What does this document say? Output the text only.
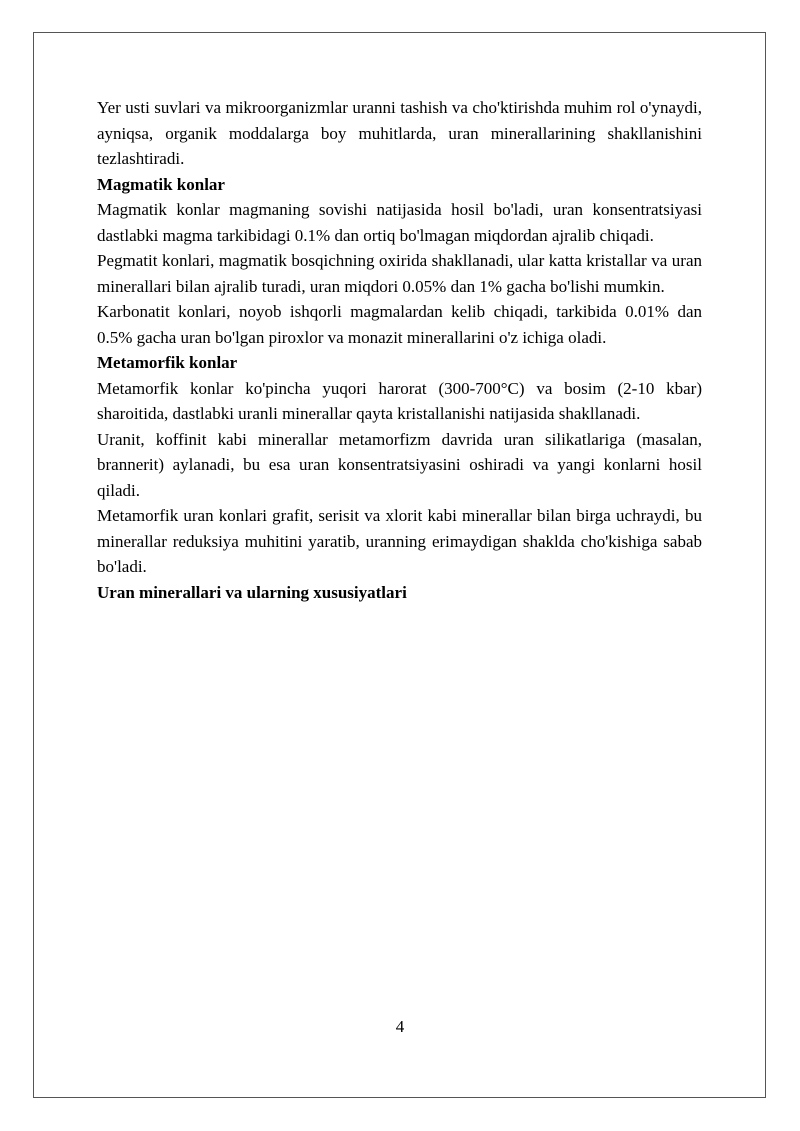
Yer usti suvlari va mikroorganizmlar uranni tashish va cho'ktirishda muhim rol o'ynaydi, ayniqsa, organik moddalarga boy muhitlarda, uran minerallarining shakllanishini tezlashtiradi.

Magmatik konlar

Magmatik konlar magmaning sovishi natijasida hosil bo'ladi, uran konsentratsiyasi dastlabki magma tarkibidagi 0.1% dan ortiq bo'lmagan miqdordan ajralib chiqadi.

Pegmatit konlari, magmatik bosqichning oxirida shakllanadi, ular katta kristallar va uran minerallari bilan ajralib turadi, uran miqdori 0.05% dan 1% gacha bo'lishi mumkin.

Karbonatit konlari, noyob ishqorli magmalardan kelib chiqadi, tarkibida 0.01% dan 0.5% gacha uran bo'lgan piroxlor va monazit minerallarini o'z ichiga oladi.

Metamorfik konlar

Metamorfik konlar ko'pincha yuqori harorat (300-700°C) va bosim (2-10 kbar) sharoitida, dastlabki uranli minerallar qayta kristallanishi natijasida shakllanadi.

Uranit, koffinit kabi minerallar metamorfizm davrida uran silikatlariga (masalan, brannerit) aylanadi, bu esa uran konsentratsiyasini oshiradi va yangi konlarni hosil qiladi.

Metamorfik uran konlari grafit, serisit va xlorit kabi minerallar bilan birga uchraydi, bu minerallar reduksiya muhitini yaratib, uranning erimaydigan shaklda cho'kishiga sabab bo'ladi.

Uran minerallari va ularning xususiyatlari
4
